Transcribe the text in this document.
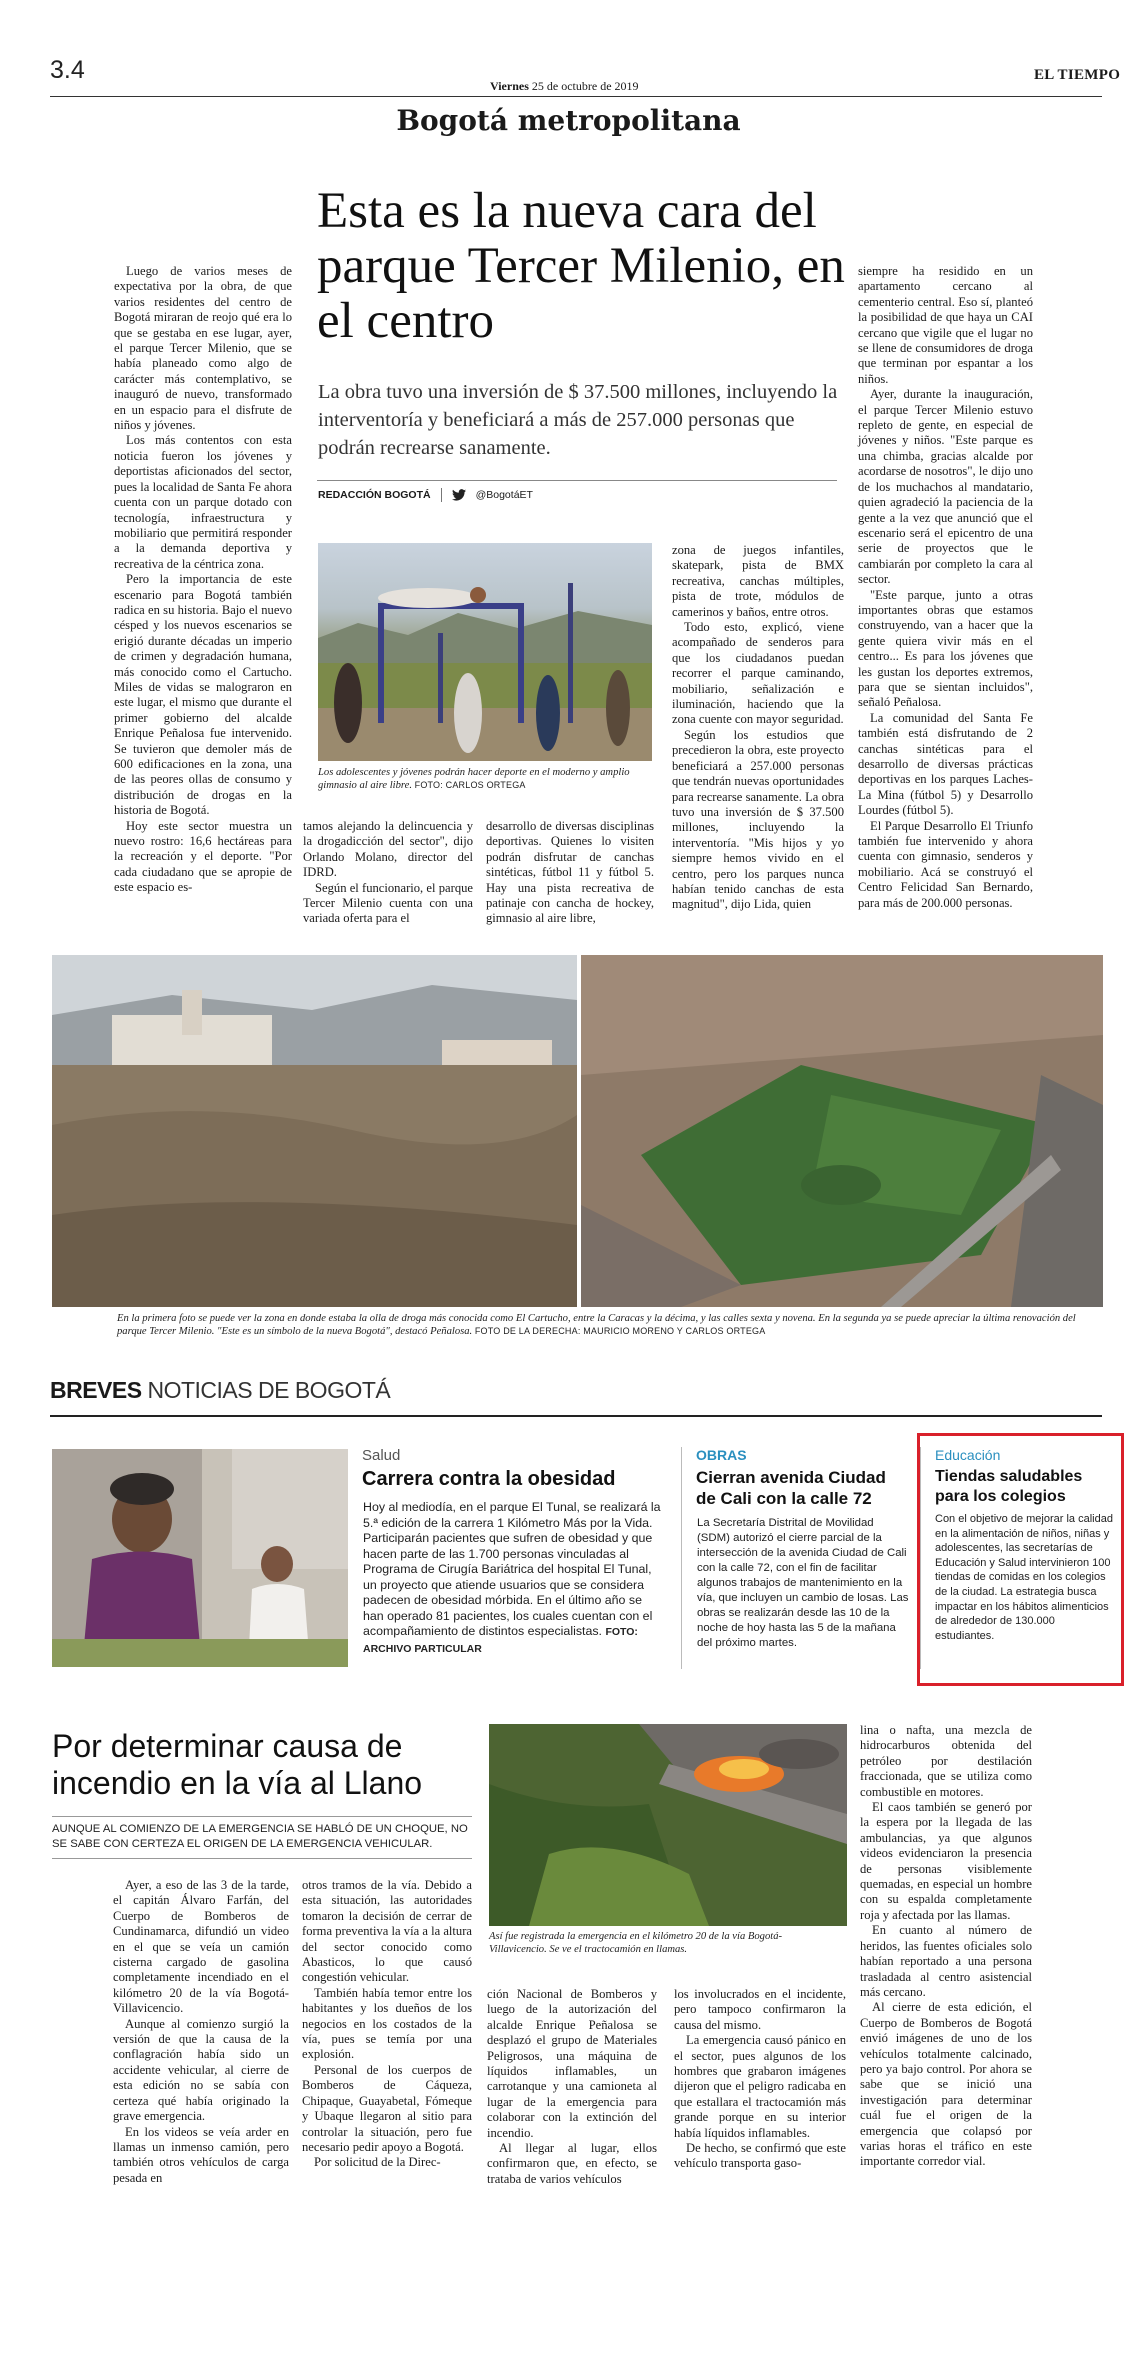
3.4
Viernes 25 de octubre de 2019
EL TIEMPO
Bogotá metropolitana
Esta es la nueva cara del parque Tercer Milenio, en el centro
La obra tuvo una inversión de $ 37.500 millones, incluyendo la interventoría y beneficiará a más de 257.000 personas que podrán recrearse sanamente.
REDACCIÓN BOGOTÁ	@BogotáET

Luego de varios meses de expectativa por la obra, de que varios residentes del centro de Bogotá miraran de reojo qué era lo que se gestaba en ese lugar, ayer, el parque Tercer Milenio, que se había planeado como algo de carácter más contemplativo, se inauguró de nuevo, transformado en un espacio para el disfrute de niños y jóvenes.

Los más contentos con esta noticia fueron los jóvenes y deportistas aficionados del sector, pues la localidad de Santa Fe ahora cuenta con un parque dotado con tecnología, infraestructura y mobiliario que permitirá responder a la demanda deportiva y recreativa de la céntrica zona.

Pero la importancia de este escenario para Bogotá también radica en su historia. Bajo el nuevo césped y los nuevos escenarios se erigió durante décadas un imperio de crimen y degradación humana, más conocido como el Cartucho. Miles de vidas se malograron en este lugar, el mismo que durante el primer gobierno del alcalde Enrique Peñalosa fue intervenido. Se tuvieron que demoler más de 600 edificaciones en la zona, una de las peores ollas de consumo y distribución de drogas en la historia de Bogotá.

Hoy este sector muestra un nuevo rostro: 16,6 hectáreas para la recreación y el deporte. "Por cada ciudadano que se apropie de este espacio es-

Los adolescentes y jóvenes podrán hacer deporte en el moderno y amplio gimnasio al aire libre. FOTO: CARLOS ORTEGA

tamos alejando la delincuencia y la drogadicción del sector", dijo Orlando Molano, director del IDRD.

Según el funcionario, el parque Tercer Milenio cuenta con una variada oferta para el

desarrollo de diversas disciplinas deportivas. Quienes lo visiten podrán disfrutar de canchas sintéticas, fútbol 11 y fútbol 5. Hay una pista recreativa de patinaje con cancha de hockey, gimnasio al aire libre,

zona de juegos infantiles, skatepark, pista de BMX recreativa, canchas múltiples, pista de trote, módulos de camerinos y baños, entre otros.

Todo esto, explicó, viene acompañado de senderos para que los ciudadanos puedan recorrer el parque caminando, mobiliario, señalización e iluminación, haciendo que la zona cuente con mayor seguridad.

Según los estudios que precedieron la obra, este proyecto beneficiará a 257.000 personas que tendrán nuevas oportunidades para recrearse sanamente. La obra tuvo una inversión de $ 37.500 millones, incluyendo la interventoría. "Mis hijos y yo siempre hemos vivido en el centro, pero los parques nunca habían tenido canchas de esta magnitud", dijo Lida, quien

siempre ha residido en un apartamento cercano al cementerio central. Eso sí, planteó la posibilidad de que haya un CAI cercano que vigile que el lugar no se llene de consumidores de droga que terminan por espantar a los niños.

Ayer, durante la inauguración, el parque Tercer Milenio estuvo repleto de gente, en especial de jóvenes y niños. "Este parque es una chimba, gracias alcalde por acordarse de nosotros", le dijo uno de los muchachos al mandatario, quien agradeció la paciencia de la gente a la vez que anunció que el escenario será el epicentro de una serie de proyectos que le cambiarán por completo la cara al sector.

"Este parque, junto a otras importantes obras que estamos construyendo, van a hacer que la gente quiera vivir más en el centro... Es para los jóvenes que les gustan los deportes extremos, para que se sientan incluidos", señaló Peñalosa.

La comunidad del Santa Fe también está disfrutando de 2 canchas sintéticas para el desarrollo de diversas prácticas deportivas en los parques Laches-La Mina (fútbol 5) y Desarrollo Lourdes (fútbol 5).

El Parque Desarrollo El Triunfo también fue intervenido y ahora cuenta con gimnasio, senderos y mobiliario. Acá se construyó el Centro Felicidad San Bernardo, para más de 200.000 personas.

En la primera foto se puede ver la zona en donde estaba la olla de droga más conocida como El Cartucho, entre la Caracas y la décima, y las calles sexta y novena. En la segunda ya se puede apreciar la última renovación del parque Tercer Milenio. "Este es un símbolo de la nueva Bogotá", destacó Peñalosa. FOTO DE LA DERECHA: MAURICIO MORENO Y CARLOS ORTEGA
BREVES NOTICIAS DE BOGOTÁ
Salud
Carrera contra la obesidad
Hoy al mediodía, en el parque El Tunal, se realizará la 5.ª edición de la carrera 1 Kilómetro Más por la Vida. Participarán pacientes que sufren de obesidad y que hacen parte de las 1.700 personas vinculadas al Programa de Cirugía Bariátrica del hospital El Tunal, un proyecto que atiende usuarios que se considera padecen de obesidad mórbida. En el último año se han operado 81 pacientes, los cuales cuentan con el acompañamiento de distintos especialistas. FOTO: ARCHIVO PARTICULAR
OBRAS
Cierran avenida Ciudad de Cali con la calle 72
La Secretaría Distrital de Movilidad (SDM) autorizó el cierre parcial de la intersección de la avenida Ciudad de Cali con la calle 72, con el fin de facilitar algunos trabajos de mantenimiento en la vía, que incluyen un cambio de losas. Las obras se realizarán desde las 10 de la noche de hoy hasta las 5 de la mañana del próximo martes.
Educación
Tiendas saludables para los colegios
Con el objetivo de mejorar la calidad en la alimentación de niños, niñas y adolescentes, las secretarías de Educación y Salud intervinieron 100 tiendas de comidas en los colegios de la ciudad. La estrategia busca impactar en los hábitos alimenticios de alrededor de 130.000 estudiantes.
Por determinar causa de incendio en la vía al Llano
AUNQUE AL COMIENZO DE LA EMERGENCIA SE HABLÓ DE UN CHOQUE, NO SE SABE CON CERTEZA EL ORIGEN DE LA EMERGENCIA VEHICULAR.

Ayer, a eso de las 3 de la tarde, el capitán Álvaro Farfán, del Cuerpo de Bomberos de Cundinamarca, difundió un video en el que se veía un camión cisterna cargado de gasolina completamente incendiado en el kilómetro 20 de la vía Bogotá-Villavicencio.

Aunque al comienzo surgió la versión de que la causa de la conflagración había sido un accidente vehicular, al cierre de esta edición no se sabía con certeza qué había originado la grave emergencia.

En los videos se veía arder en llamas un inmenso camión, pero también otros vehículos de carga pesada en

otros tramos de la vía. Debido a esta situación, las autoridades tomaron la decisión de cerrar de forma preventiva la vía a la altura del sector conocido como Abasticos, lo que causó congestión vehicular.

También había temor entre los habitantes y los dueños de los negocios en los costados de la vía, pues se temía por una explosión.

Personal de los cuerpos de Bomberos de Cáqueza, Chipaque, Guayabetal, Fómeque y Ubaque llegaron al sitio para controlar la situación, pero fue necesario pedir apoyo a Bogotá.

Por solicitud de la Direc-

Así fue registrada la emergencia en el kilómetro 20 de la vía Bogotá-Villavicencio. Se ve el tractocamión en llamas.

ción Nacional de Bomberos y luego de la autorización del alcalde Enrique Peñalosa se desplazó el grupo de Materiales Peligrosos, una máquina de líquidos inflamables, un carrotanque y una camioneta al lugar de la emergencia para colaborar con la extinción del incendio.

Al llegar al lugar, ellos confirmaron que, en efecto, se trataba de varios vehículos

los involucrados en el incidente, pero tampoco confirmaron la causa del mismo.

La emergencia causó pánico en el sector, pues algunos de los hombres que grabaron imágenes dijeron que el peligro radicaba en que estallara el tractocamión más grande porque en su interior había líquidos inflamables.

De hecho, se confirmó que este vehículo transporta gaso-

lina o nafta, una mezcla de hidrocarburos obtenida del petróleo por destilación fraccionada, que se utiliza como combustible en motores.

El caos también se generó por la espera por la llegada de las ambulancias, ya que algunos videos evidenciaron la presencia de personas visiblemente quemadas, en especial un hombre con su espalda completamente roja y afectada por las llamas.

En cuanto al número de heridos, las fuentes oficiales solo habían reportado a una persona trasladada al centro asistencial más cercano.

Al cierre de esta edición, el Cuerpo de Bomberos de Bogotá envió imágenes de uno de los vehículos totalmente calcinado, pero ya bajo control. Por ahora se sabe que se inició una investigación para determinar cuál fue el origen de la emergencia que colapsó por varias horas el tráfico en este importante corredor vial.
